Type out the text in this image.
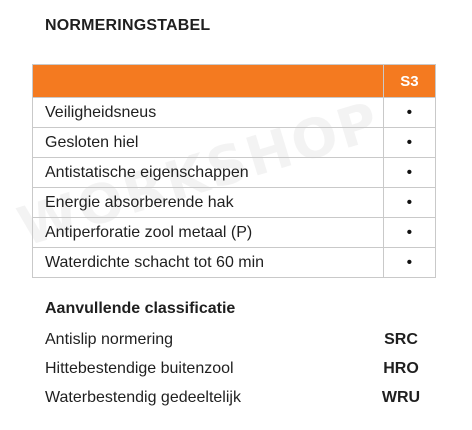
NORMERINGSTABEL
	S3
Veiligheidsneus	•
Gesloten hiel	•
Antistatische eigenschappen	•
Energie absorberende hak	•
Antiperforatie zool metaal (P)	•
Waterdichte schacht tot 60 min	•
Aanvullende classificatie
Antislip normering	SRC
Hittebestendige buitenzool	HRO
Waterbestendig gedeeltelijk	WRU
